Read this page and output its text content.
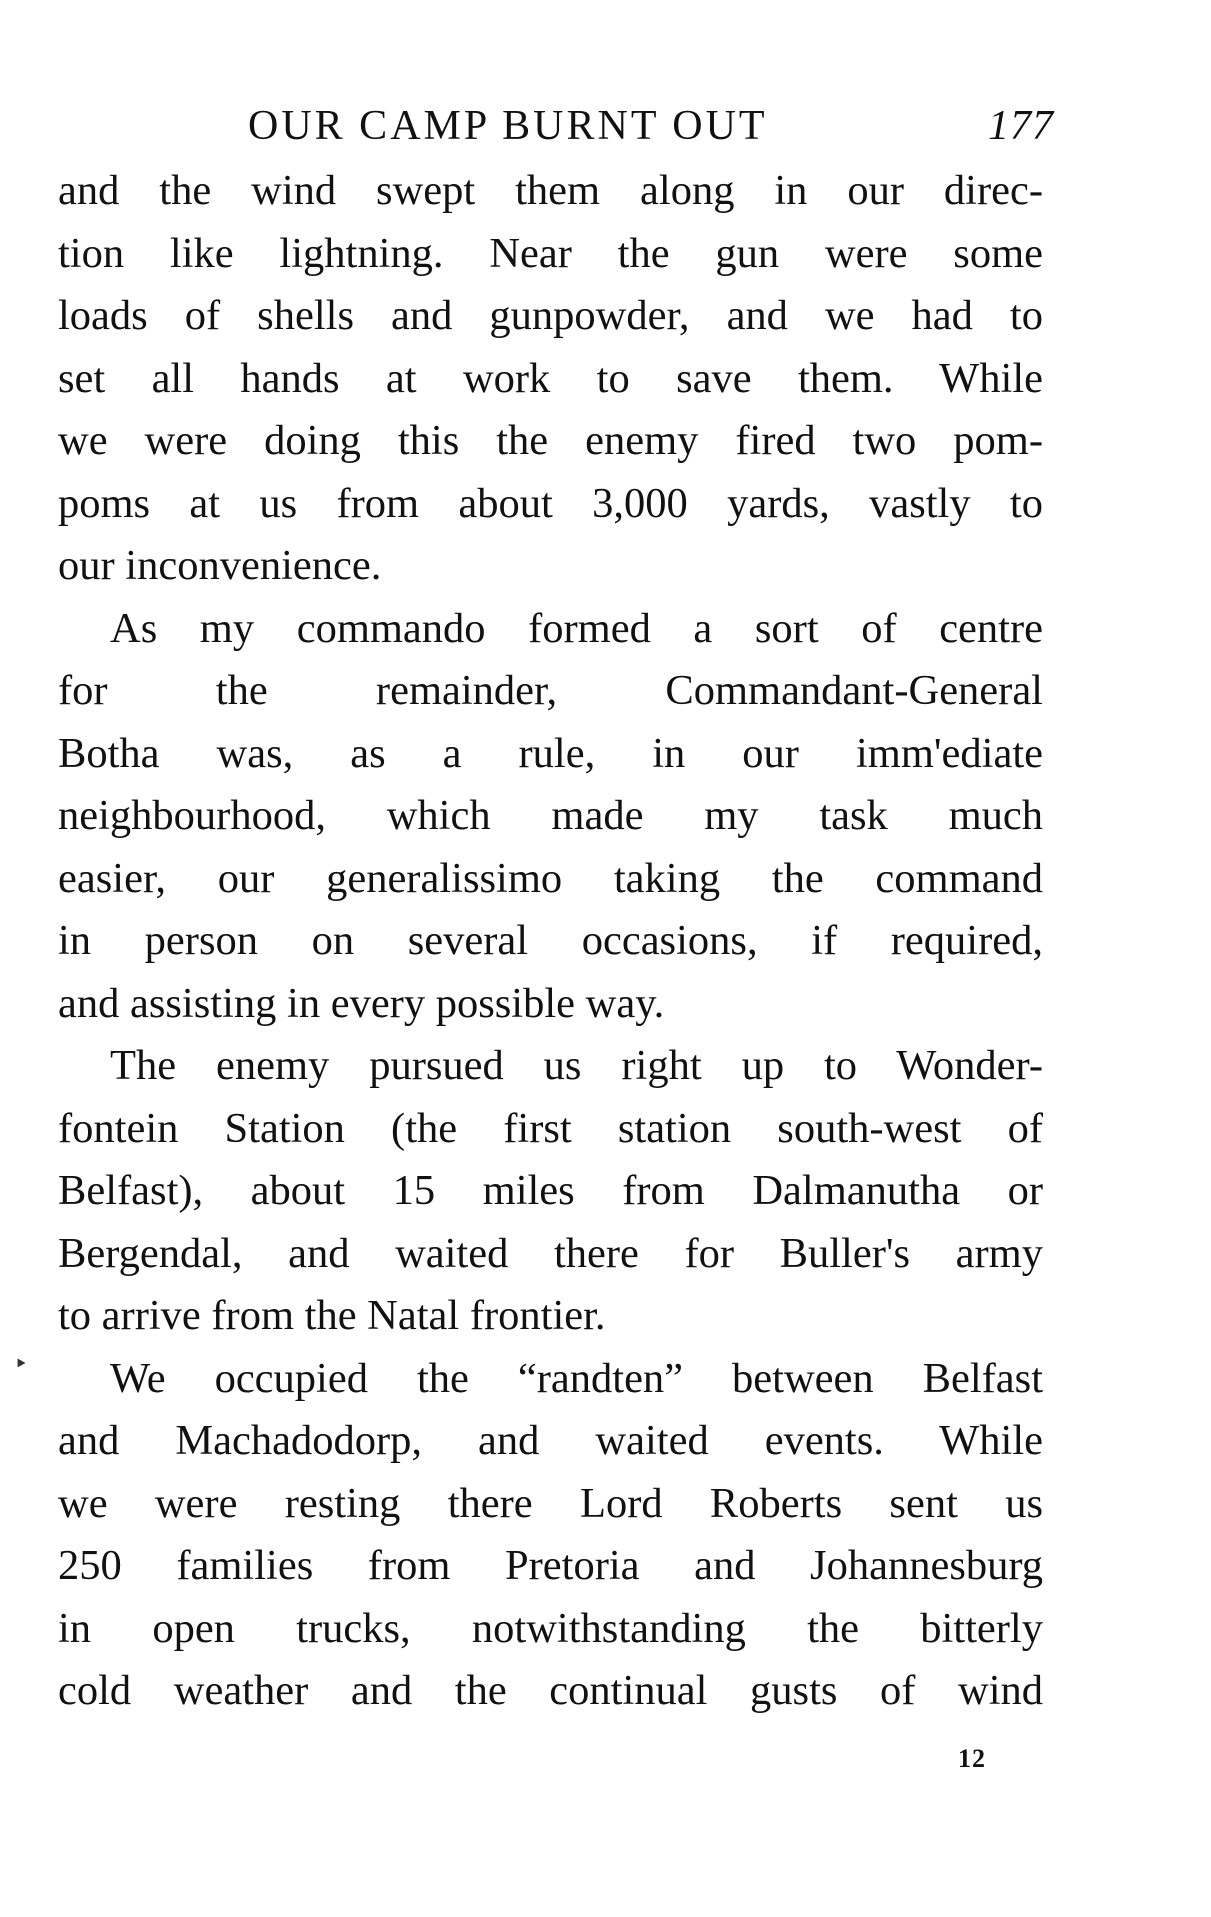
OUR CAMP BURNT OUT	177
and the wind swept them along in our direc-
tion like lightning. Near the gun were some
loads of shells and gunpowder, and we had to
set all hands at work to save them. While
we were doing this the enemy fired two pom-
poms at us from about 3,000 yards, vastly to
our inconvenience.
As my commando formed a sort of centre
for the remainder, Commandant-General
Botha was, as a rule, in our imm'ediate
neighbourhood, which made my task much
easier, our generalissimo taking the command
in person on several occasions, if required,
and assisting in every possible way.
The enemy pursued us right up to Wonder-
fontein Station (the first station south-west of
Belfast), about 15 miles from Dalmanutha or
Bergendal, and waited there for Buller's army
to arrive from the Natal frontier.
We occupied the “randten” between Belfast
and Machadodorp, and waited events. While
we were resting there Lord Roberts sent us
250 families from Pretoria and Johannesburg
in open trucks, notwithstanding the bitterly
cold weather and the continual gusts of wind
‣
12
